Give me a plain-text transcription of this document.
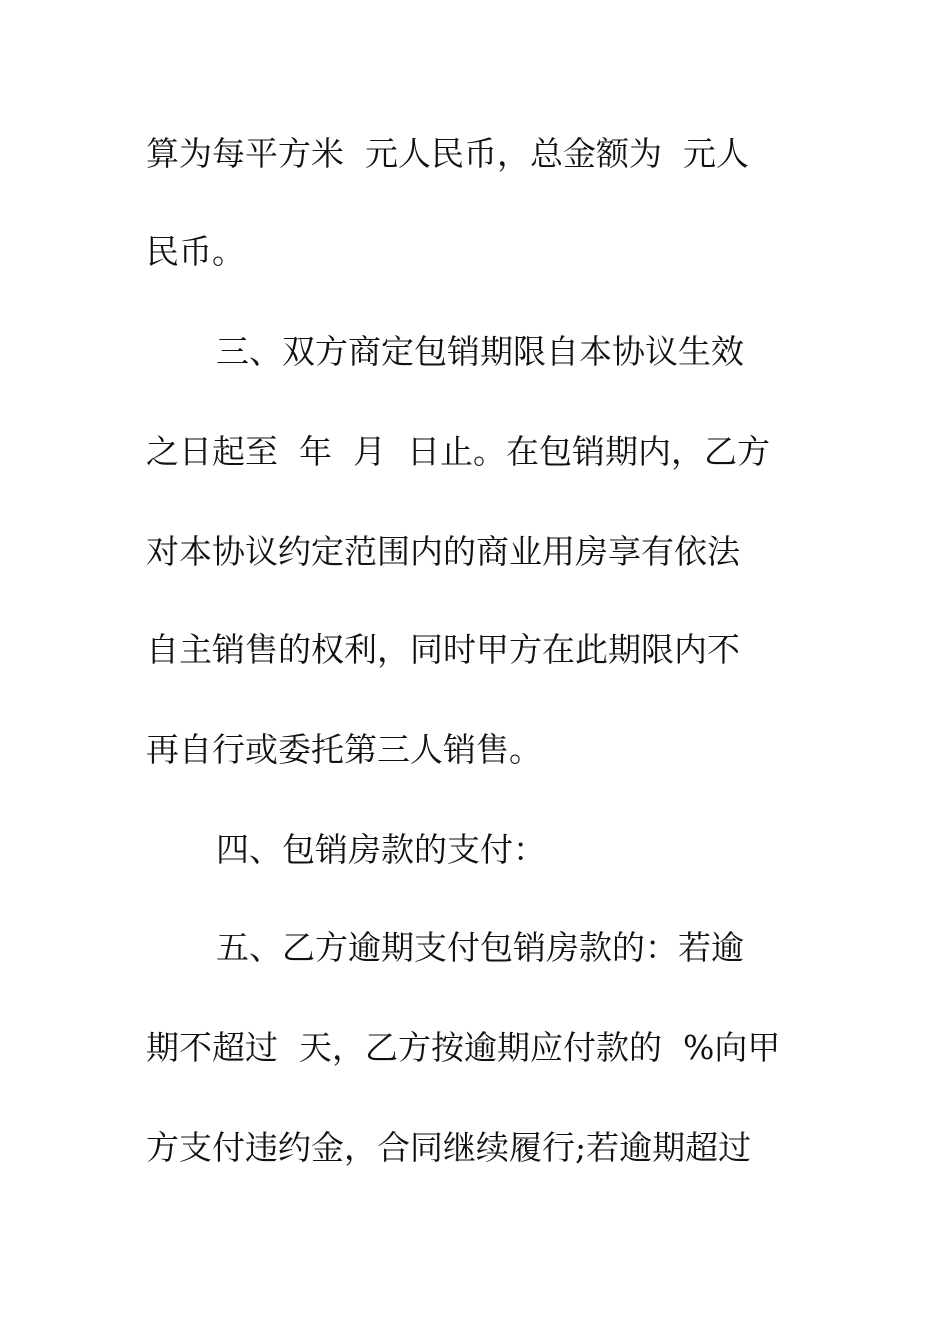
算为每平方米  元人民币，总金额为  元人
民币。
三、双方商定包销期限自本协议生效
之日起至  年  月  日止。在包销期内，乙方
对本协议约定范围内的商业用房享有依法
自主销售的权利，同时甲方在此期限内不
再自行或委托第三人销售。
四、包销房款的支付：
五、乙方逾期支付包销房款的：若逾
期不超过  天，乙方按逾期应付款的  %向甲
方支付违约金，合同继续履行;若逾期超过
